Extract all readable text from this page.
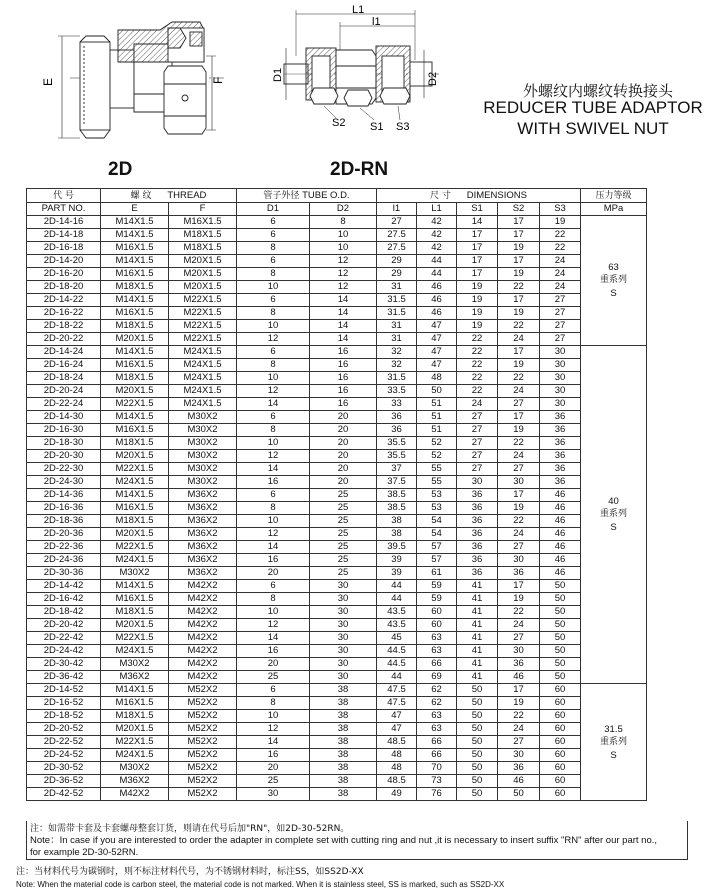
E	F
L1
l1
D1	D2
S2 S1 S3
外螺纹内螺纹转换接头
REDUCER TUBE ADAPTOR
WITH SWIVEL NUT
2D	2D-RN
代 号	螺 纹 THREAD		管子外径 TUBE O.D.		尺 寸 DIMENSIONS					压力等级
PART NO.	E	F	D1	D2	l1	L1	S1	S2	S3	MPa
2D-14-16	M14X1.5	M16X1.5	6	8	27	42	14	17	19	63
重系列
S

2D-14-18	M14X1.5	M18X1.5	6	10	27.5	42	17	17	22	
2D-16-18	M16X1.5	M18X1.5	8	10	27.5	42	17	19	22	
2D-14-20	M14X1.5	M20X1.5	6	12	29	44	17	17	24	
2D-16-20	M16X1.5	M20X1.5	8	12	29	44	17	19	24	
2D-18-20	M18X1.5	M20X1.5	10	12	31	46	19	22	24	
2D-14-22	M14X1.5	M22X1.5	6	14	31.5	46	19	17	27	
2D-16-22	M16X1.5	M22X1.5	8	14	31.5	46	19	19	27	
2D-18-22	M18X1.5	M22X1.5	10	14	31	47	19	22	27	
2D-20-22	M20X1.5	M22X1.5	12	14	31	47	22	24	27	
2D-14-24	M14X1.5	M24X1.5	6	16	32	47	22	17	30	40
重系列
S

2D-16-24	M16X1.5	M24X1.5	8	16	32	47	22	19	30	
2D-18-24	M18X1.5	M24X1.5	10	16	31.5	48	22	22	30	
2D-20-24	M20X1.5	M24X1.5	12	16	33.5	50	22	24	30	
2D-22-24	M22X1.5	M24X1.5	14	16	33	51	24	27	30	
2D-14-30	M14X1.5	M30X2	6	20	36	51	27	17	36	
2D-16-30	M16X1.5	M30X2	8	20	36	51	27	19	36	
2D-18-30	M18X1.5	M30X2	10	20	35.5	52	27	22	36	
2D-20-30	M20X1.5	M30X2	12	20	35.5	52	27	24	36	
2D-22-30	M22X1.5	M30X2	14	20	37	55	27	27	36	
2D-24-30	M24X1.5	M30X2	16	20	37.5	55	30	30	36	
2D-14-36	M14X1.5	M36X2	6	25	38.5	53	36	17	46	
2D-16-36	M16X1.5	M36X2	8	25	38.5	53	36	19	46	
2D-18-36	M18X1.5	M36X2	10	25	38	54	36	22	46	
2D-20-36	M20X1.5	M36X2	12	25	38	54	36	24	46	
2D-22-36	M22X1.5	M36X2	14	25	39.5	57	36	27	46	
2D-24-36	M24X1.5	M36X2	16	25	39	57	36	30	46	
2D-30-36	M30X2	M36X2	20	25	39	61	36	36	46	
2D-14-42	M14X1.5	M42X2	6	30	44	59	41	17	50	
2D-16-42	M16X1.5	M42X2	8	30	44	59	41	19	50	
2D-18-42	M18X1.5	M42X2	10	30	43.5	60	41	22	50	
2D-20-42	M20X1.5	M42X2	12	30	43.5	60	41	24	50	
2D-22-42	M22X1.5	M42X2	14	30	45	63	41	27	50	
2D-24-42	M24X1.5	M42X2	16	30	44.5	63	41	30	50	
2D-30-42	M30X2	M42X2	20	30	44.5	66	41	36	50	
2D-36-42	M36X2	M42X2	25	30	44	69	41	46	50	
2D-14-52	M14X1.5	M52X2	6	38	47.5	62	50	17	60	31.5
重系列
S

2D-16-52	M16X1.5	M52X2	8	38	47.5	62	50	19	60	
2D-18-52	M18X1.5	M52X2	10	38	47	63	50	22	60	
2D-20-52	M20X1.5	M52X2	12	38	47	63	50	24	60	
2D-22-52	M22X1.5	M52X2	14	38	48.5	66	50	27	60	
2D-24-52	M24X1.5	M52X2	16	38	48	66	50	30	60	
2D-30-52	M30X2	M52X2	20	38	48	70	50	36	60	
2D-36-52	M36X2	M52X2	25	38	48.5	73	50	46	60	
2D-42-52	M42X2	M52X2	30	38	49	76	50	50	60	
注：如需带卡套及卡套螺母整套订货，则请在代号后加"RN"，如2D-30-52RN。
Note：In case if you are interested to order the adapter in complete set with cutting ring and nut ,it is necessary to insert suffix "RN" after our part no.,
for example 2D-30-52RN.
注：当材料代号为碳钢时，则不标注材料代号，为不锈钢材料时，标注SS，如SS2D-XX
Note: When the material code is carbon steel, the material code is not marked. When it is stainless steel, SS is marked, such as SS2D-XX
